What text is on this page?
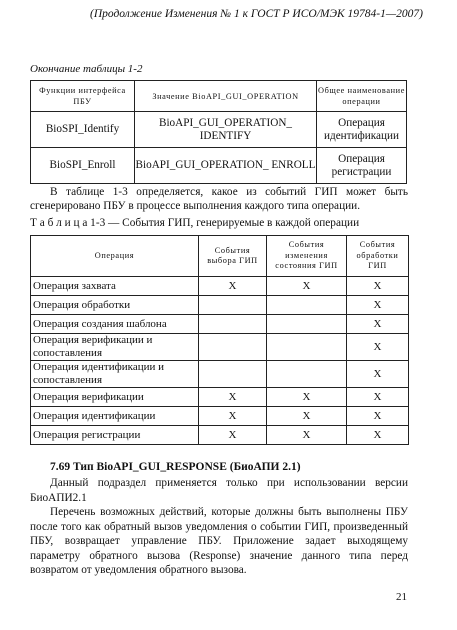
(Продолжение Изменения № 1 к ГОСТ Р ИСО/МЭК 19784-1—2007)
Окончание таблицы 1-2
Функции интерфейса ПБУ	Значение BioAPI_GUI_OPERATION	Общее наименование операции
BioSPI_Identify	BioAPI_GUI_OPERATION_ IDENTIFY	Операция идентификации
BioSPI_Enroll	BioAPI_GUI_OPERATION_ ENROLL	Операция регистрации
В таблице 1-3 определяется, какое из событий ГИП может быть сгенерировано ПБУ в процессе выполнения каждого типа операции.
Т а б л и ц а 1-3 — События ГИП, генерируемые в каждой операции
Операция	События выбора ГИП	События изменения состояния ГИП	События обработки ГИП
Операция захвата	X	X	X
Операция обработки			X
Операция создания шаблона			X
Операция верификации и сопоставления			X
Операция идентификации и сопоставления			X
Операция верификации	X	X	X
Операция идентификации	X	X	X
Операция регистрации	X	X	X
7.69 Тип BioAPI_GUI_RESPONSE (БиоАПИ 2.1)

Данный подраздел применяется только при использовании версии БиоАПИ2.1

Перечень возможных действий, которые должны быть выполнены ПБУ после того как обратный вызов уведомления о событии ГИП, произведенный ПБУ, возвращает управление ПБУ. Приложение задает выходящему параметру обратного вызова (Response) значение данного типа перед возвратом от уведомления обратного вызова.

21
